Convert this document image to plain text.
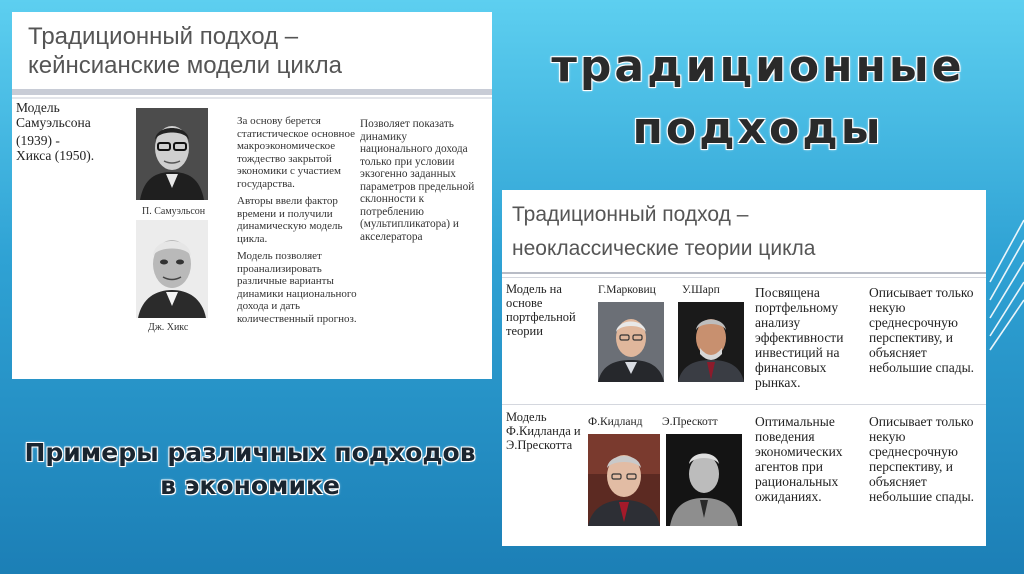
традиционные
подходы
Примеры различных подходов
в экономике
Традиционный подход –
кейнсианские модели цикла
Модель
Самуэльсона
(1939) -
Хикса (1950).
П. Самуэльсон
Дж. Хикс

За основу берется статистическое основное макроэкономическое тождество закрытой экономики с участием государства.

Авторы ввели фактор времени и получили динамическую модель цикла.

Модель позволяет проанализировать различные варианты динамики национального дохода и дать количественный прогноз.

Позволяет показать динамику национального дохода только при условии экзогенно заданных параметров предельной склонности к потреблению (мультипликатора) и акселератора

Традиционный подход –
неоклассические теории цикла
Модель на основе портфельной теории
Г.Марковиц У.Шарп	Посвящена портфельному анализу эффективности инвестиций на финансовых рынках.
Описывает только некую среднесрочную перспективу, и объясняет небольшие спады.
Модель Ф.Кидланда и Э.Прескотта
Ф.Кидланд Э.Прескотт	Оптимальные поведения экономических агентов при рациональных ожиданиях.
Описывает только некую среднесрочную перспективу, и объясняет небольшие спады.
